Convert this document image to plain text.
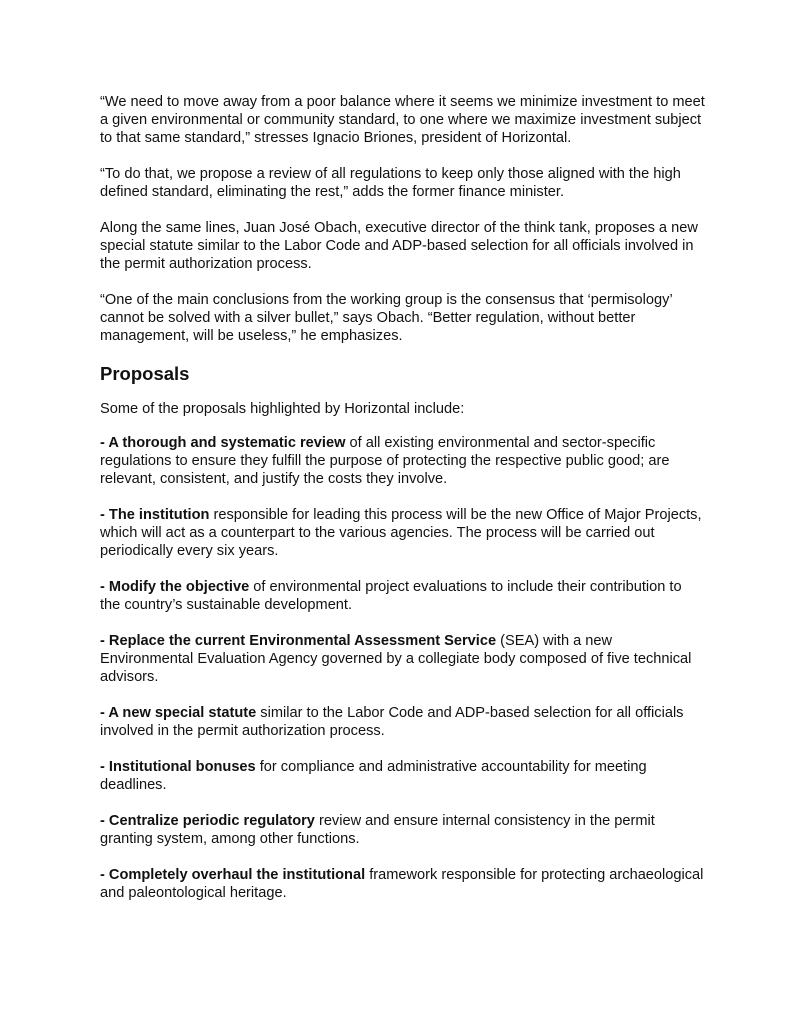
“We need to move away from a poor balance where it seems we minimize investment to meet a given environmental or community standard, to one where we maximize investment subject to that same standard,” stresses Ignacio Briones, president of Horizontal.

“To do that, we propose a review of all regulations to keep only those aligned with the high defined standard, eliminating the rest,” adds the former finance minister.

Along the same lines, Juan José Obach, executive director of the think tank, proposes a new special statute similar to the Labor Code and ADP-based selection for all officials involved in the permit authorization process.

“One of the main conclusions from the working group is the consensus that ‘permisology’ cannot be solved with a silver bullet,” says Obach. “Better regulation, without better management, will be useless,” he emphasizes.

Proposals

Some of the proposals highlighted by Horizontal include:

- A thorough and systematic review of all existing environmental and sector-specific regulations to ensure they fulfill the purpose of protecting the respective public good; are relevant, consistent, and justify the costs they involve.

- The institution responsible for leading this process will be the new Office of Major Projects, which will act as a counterpart to the various agencies. The process will be carried out periodically every six years.

- Modify the objective of environmental project evaluations to include their contribution to the country’s sustainable development.

- Replace the current Environmental Assessment Service (SEA) with a new Environmental Evaluation Agency governed by a collegiate body composed of five technical advisors.

- A new special statute similar to the Labor Code and ADP-based selection for all officials involved in the permit authorization process.

- Institutional bonuses for compliance and administrative accountability for meeting deadlines.

- Centralize periodic regulatory review and ensure internal consistency in the permit granting system, among other functions.

- Completely overhaul the institutional framework responsible for protecting archaeological and paleontological heritage.
